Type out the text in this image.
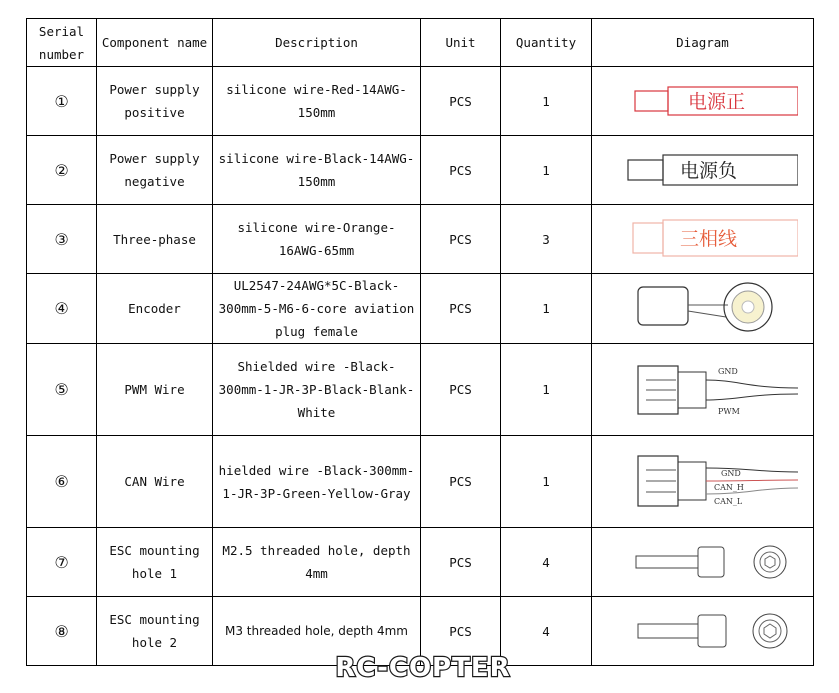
Serial number	Component name	Description	Unit	Quantity	Diagram
①	Power supply positive	silicone wire-Red-14AWG-150mm	PCS	1	电源正

②	Power supply negative	silicone wire-Black-14AWG-150mm	PCS	1	电源负

③	Three-phase	silicone wire-Orange-16AWG-65mm	PCS	3	三相线

④	Encoder	UL2547-24AWG*5C-Black-300mm-5-M6-6-core aviation plug female	PCS	1	

⑤	PWM Wire	Shielded wire -Black-300mm-1-JR-3P-Black-Blank-White	PCS	1	GND
PWM

⑥	CAN Wire	hielded wire -Black-300mm-1-JR-3P-Green-Yellow-Gray	PCS	1	GND
CAN_H
CAN_L

⑦	ESC mounting hole 1	M2.5 threaded hole, depth 4mm	PCS	4	

⑧	ESC mounting hole 2	M3 threaded hole, depth 4mm	PCS	4	
RC-COPTER
